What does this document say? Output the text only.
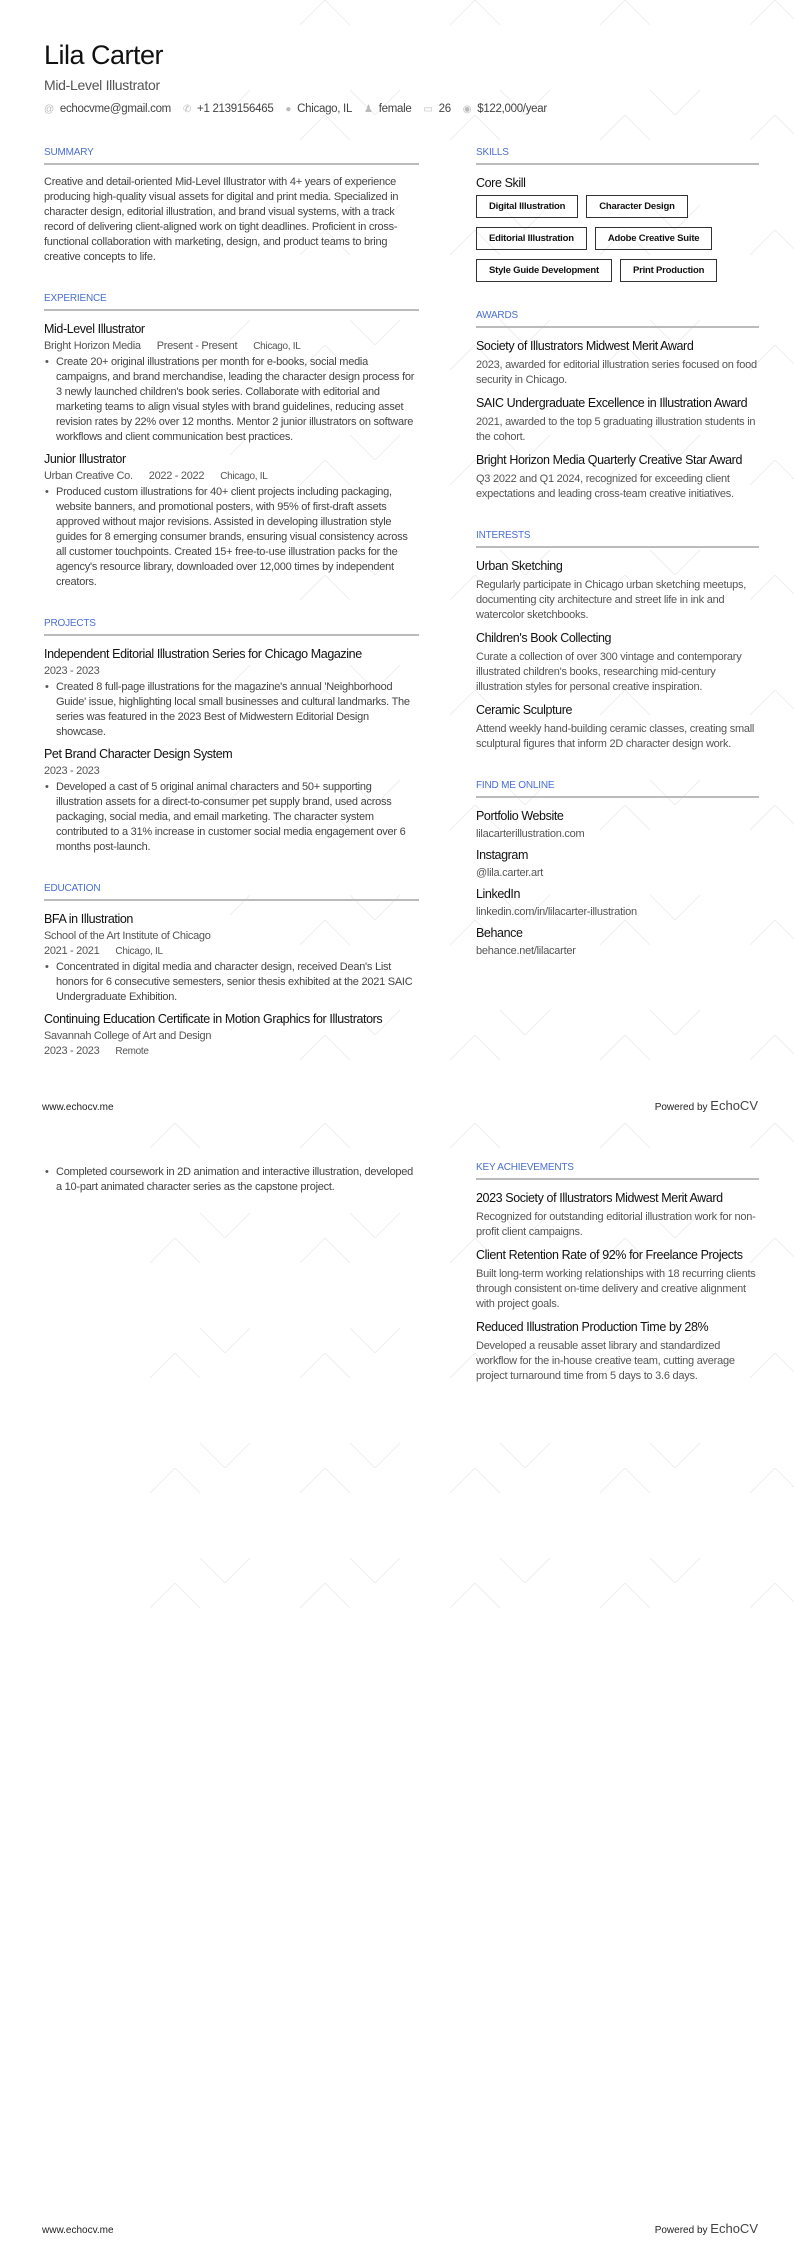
Lila Carter
Mid-Level Illustrator
@ echocvme@gmail.com ✆ +1 2139156465 ● Chicago, IL ♟ female ▭ 26 ◉ $122,000/year
SUMMARY
Creative and detail-oriented Mid-Level Illustrator with 4+ years of experience producing high-quality visual assets for digital and print media. Specialized in character design, editorial illustration, and brand visual systems, with a track record of delivering client-aligned work on tight deadlines. Proficient in cross-functional collaboration with marketing, design, and product teams to bring creative concepts to life.
EXPERIENCE
Mid-Level Illustrator
Bright Horizon Media Present - Present Chicago, IL
• Create 20+ original illustrations per month for e-books, social media campaigns, and brand merchandise, leading the character design process for 3 newly launched children's book series. Collaborate with editorial and marketing teams to align visual styles with brand guidelines, reducing asset revision rates by 22% over 12 months. Mentor 2 junior illustrators on software workflows and client communication best practices.
Junior Illustrator
Urban Creative Co. 2022 - 2022 Chicago, IL
• Produced custom illustrations for 40+ client projects including packaging, website banners, and promotional posters, with 95% of first-draft assets approved without major revisions. Assisted in developing illustration style guides for 8 emerging consumer brands, ensuring visual consistency across all customer touchpoints. Created 15+ free-to-use illustration packs for the agency's resource library, downloaded over 12,000 times by independent creators.
PROJECTS
Independent Editorial Illustration Series for Chicago Magazine
2023 - 2023
• Created 8 full-page illustrations for the magazine's annual 'Neighborhood Guide' issue, highlighting local small businesses and cultural landmarks. The series was featured in the 2023 Best of Midwestern Editorial Design showcase.
Pet Brand Character Design System
2023 - 2023
• Developed a cast of 5 original animal characters and 50+ supporting illustration assets for a direct-to-consumer pet supply brand, used across packaging, social media, and email marketing. The character system contributed to a 31% increase in customer social media engagement over 6 months post-launch.
EDUCATION
BFA in Illustration
School of the Art Institute of Chicago
2021 - 2021 Chicago, IL
• Concentrated in digital media and character design, received Dean's List honors for 6 consecutive semesters, senior thesis exhibited at the 2021 SAIC Undergraduate Exhibition.
Continuing Education Certificate in Motion Graphics for Illustrators
Savannah College of Art and Design
2023 - 2023 Remote
SKILLS
Core Skill
Digital Illustration	Character Design
Editorial Illustration	Adobe Creative Suite
Style Guide Development	Print Production
AWARDS
Society of Illustrators Midwest Merit Award
2023, awarded for editorial illustration series focused on food security in Chicago.
SAIC Undergraduate Excellence in Illustration Award
2021, awarded to the top 5 graduating illustration students in the cohort.
Bright Horizon Media Quarterly Creative Star Award
Q3 2022 and Q1 2024, recognized for exceeding client expectations and leading cross-team creative initiatives.
INTERESTS
Urban Sketching
Regularly participate in Chicago urban sketching meetups, documenting city architecture and street life in ink and watercolor sketchbooks.
Children's Book Collecting
Curate a collection of over 300 vintage and contemporary illustrated children's books, researching mid-century illustration styles for personal creative inspiration.
Ceramic Sculpture
Attend weekly hand-building ceramic classes, creating small sculptural figures that inform 2D character design work.
FIND ME ONLINE
Portfolio Website
lilacarterillustration.com
Instagram
@lila.carter.art
LinkedIn
linkedin.com/in/lilacarter-illustration
Behance
behance.net/lilacarter
www.echocv.me	Powered by EchoCV
• Completed coursework in 2D animation and interactive illustration, developed a 10-part animated character series as the capstone project.
KEY ACHIEVEMENTS
2023 Society of Illustrators Midwest Merit Award
Recognized for outstanding editorial illustration work for non-profit client campaigns.
Client Retention Rate of 92% for Freelance Projects
Built long-term working relationships with 18 recurring clients through consistent on-time delivery and creative alignment with project goals.
Reduced Illustration Production Time by 28%
Developed a reusable asset library and standardized workflow for the in-house creative team, cutting average project turnaround time from 5 days to 3.6 days.
www.echocv.me	Powered by EchoCV
